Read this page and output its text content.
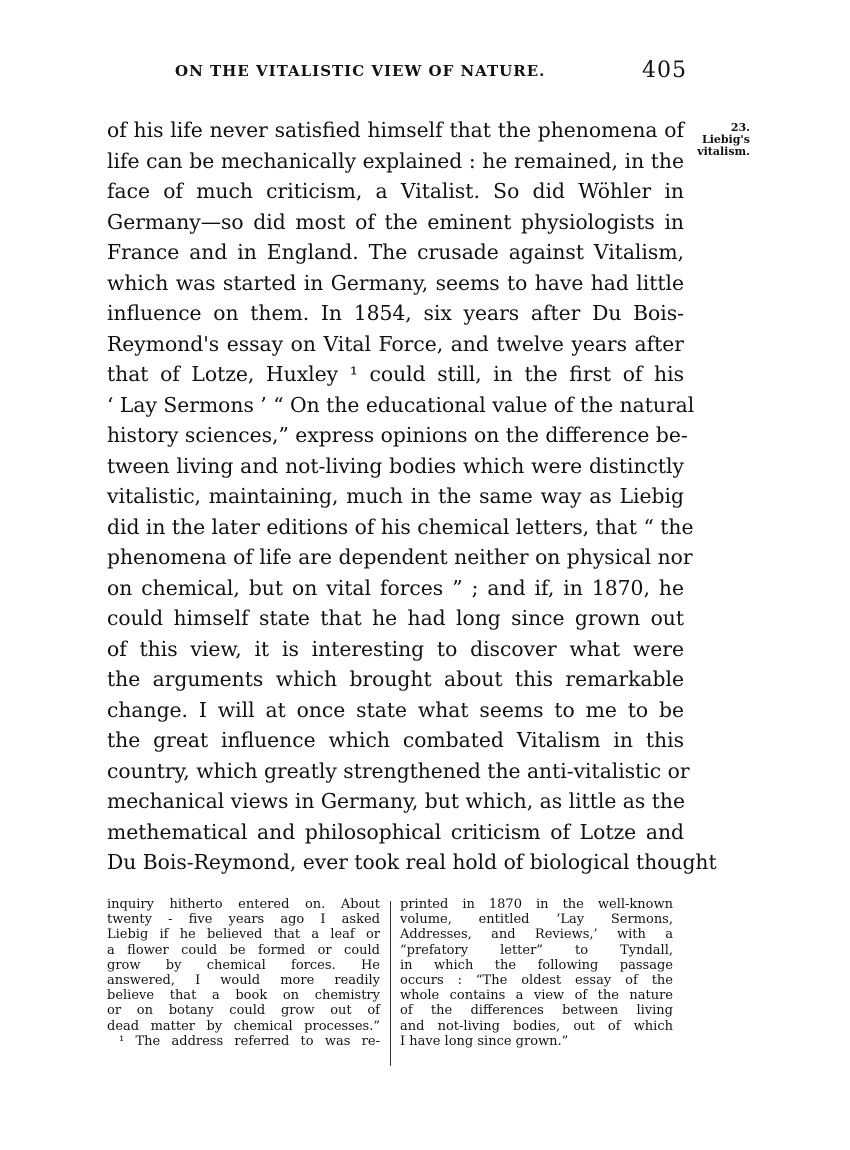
ON THE VITALISTIC VIEW OF NATURE.	405
23.
Liebig's
vitalism.
of his life never satisfied himself that the phenomena of
life can be mechanically explained : he remained, in the
face of much criticism, a Vitalist. So did Wöhler in
Germany—so did most of the eminent physiologists in
France and in England. The crusade against Vitalism,
which was started in Germany, seems to have had little
influence on them. In 1854, six years after Du Bois-
Reymond's essay on Vital Force, and twelve years after
that of Lotze, Huxley ¹ could still, in the first of his
‘ Lay Sermons ’ “ On the educational value of the natural
history sciences,” express opinions on the difference be-
tween living and not-living bodies which were distinctly
vitalistic, maintaining, much in the same way as Liebig
did in the later editions of his chemical letters, that “ the
phenomena of life are dependent neither on physical nor
on chemical, but on vital forces ” ; and if, in 1870, he
could himself state that he had long since grown out
of this view, it is interesting to discover what were
the arguments which brought about this remarkable
change. I will at once state what seems to me to be
the great influence which combated Vitalism in this
country, which greatly strengthened the anti-vitalistic or
mechanical views in Germany, but which, as little as the
methematical and philosophical criticism of Lotze and
Du Bois-Reymond, ever took real hold of biological thought
inquiry hitherto entered on. About
twenty - five years ago I asked
Liebig if he believed that a leaf or
a flower could be formed or could
grow by chemical forces. He
answered, I would more readily
believe that a book on chemistry
or on botany could grow out of
dead matter by chemical processes.”
¹ The address referred to was re-
printed in 1870 in the well-known
volume, entitled ‘Lay Sermons,
Addresses, and Reviews,’ with a
“prefatory letter” to Tyndall,
in which the following passage
occurs : “The oldest essay of the
whole contains a view of the nature
of the differences between living
and not-living bodies, out of which
I have long since grown.”
